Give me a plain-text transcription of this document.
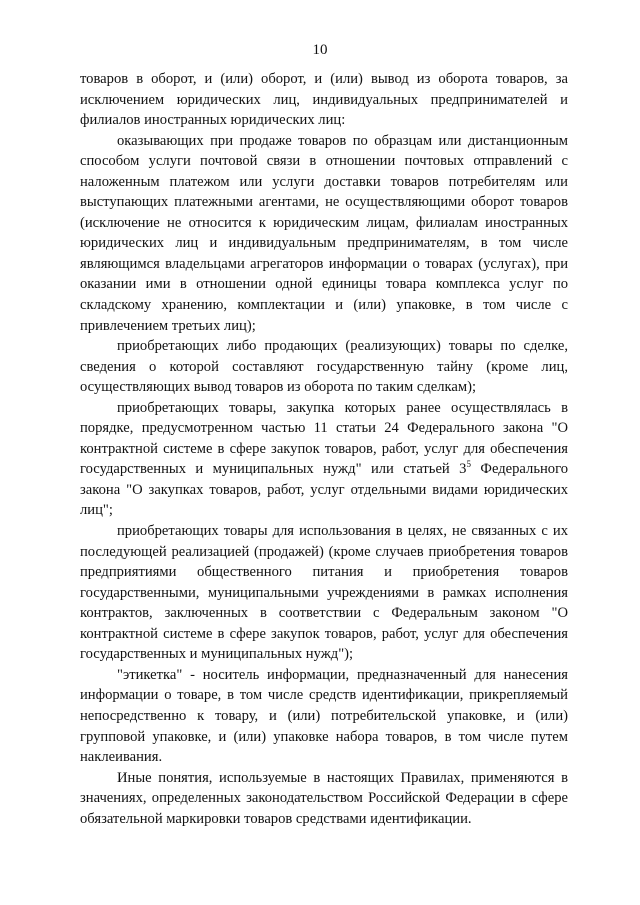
10

товаров в оборот, и (или) оборот, и (или) вывод из оборота товаров, за исключением юридических лиц, индивидуальных предпринимателей и филиалов иностранных юридических лиц:

оказывающих при продаже товаров по образцам или дистанционным способом услуги почтовой связи в отношении почтовых отправлений с наложенным платежом или услуги доставки товаров потребителям или выступающих платежными агентами, не осуществляющими оборот товаров (исключение не относится к юридическим лицам, филиалам иностранных юридических лиц и индивидуальным предпринимателям, в том числе являющимся владельцами агрегаторов информации о товарах (услугах), при оказании ими в отношении одной единицы товара комплекса услуг по складскому хранению, комплектации и (или) упаковке, в том числе с привлечением третьих лиц);

приобретающих либо продающих (реализующих) товары по сделке, сведения о которой составляют государственную тайну (кроме лиц, осуществляющих вывод товаров из оборота по таким сделкам);

приобретающих товары, закупка которых ранее осуществлялась в порядке, предусмотренном частью 11 статьи 24 Федерального закона "О контрактной системе в сфере закупок товаров, работ, услуг для обеспечения государственных и муниципальных нужд" или статьей $3^5$ Федерального закона "О закупках товаров, работ, услуг отдельными видами юридических лиц";

приобретающих товары для использования в целях, не связанных с их последующей реализацией (продажей) (кроме случаев приобретения товаров предприятиями общественного питания и приобретения товаров государственными, муниципальными учреждениями в рамках исполнения контрактов, заключенных в соответствии с Федеральным законом "О контрактной системе в сфере закупок товаров, работ, услуг для обеспечения государственных и муниципальных нужд");

"этикетка" - носитель информации, предназначенный для нанесения информации о товаре, в том числе средств идентификации, прикрепляемый непосредственно к товару, и (или) потребительской упаковке, и (или) групповой упаковке, и (или) упаковке набора товаров, в том числе путем наклеивания.

Иные понятия, используемые в настоящих Правилах, применяются в значениях, определенных законодательством Российской Федерации в сфере обязательной маркировки товаров средствами идентификации.
